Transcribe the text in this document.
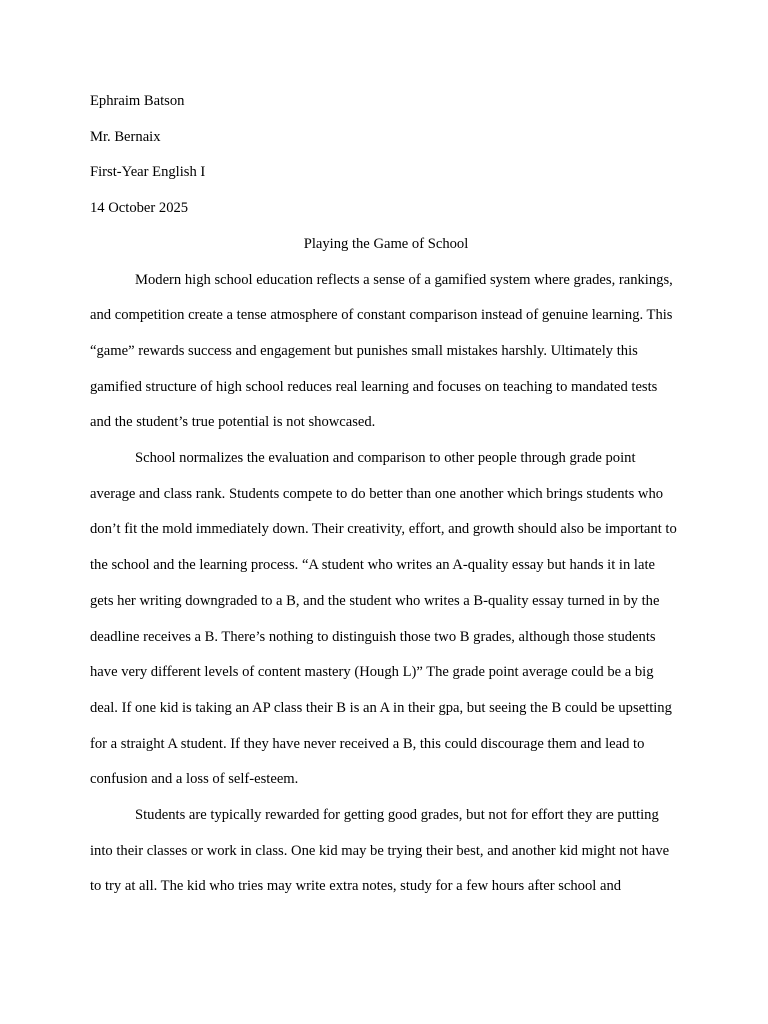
Ephraim Batson
Mr. Bernaix
First-Year English I
14 October 2025
Playing the Game of School

Modern high school education reflects a sense of a gamified system where grades, rankings, and competition create a tense atmosphere of constant comparison instead of genuine learning. This “game” rewards success and engagement but punishes small mistakes harshly. Ultimately this gamified structure of high school reduces real learning and focuses on teaching to mandated tests and the student’s true potential is not showcased.

School normalizes the evaluation and comparison to other people through grade point average and class rank. Students compete to do better than one another which brings students who don’t fit the mold immediately down. Their creativity, effort, and growth should also be important to the school and the learning process. “A student who writes an A-quality essay but hands it in late gets her writing downgraded to a B, and the student who writes a B-quality essay turned in by the deadline receives a B. There’s nothing to distinguish those two B grades, although those students have very different levels of content mastery (Hough L)” The grade point average could be a big deal. If one kid is taking an AP class their B is an A in their gpa, but seeing the B could be upsetting for a straight A student. If they have never received a B, this could discourage them and lead to confusion and a loss of self-esteem.

Students are typically rewarded for getting good grades, but not for effort they are putting into their classes or work in class. One kid may be trying their best, and another kid might not have to try at all. The kid who tries may write extra notes, study for a few hours after school and
